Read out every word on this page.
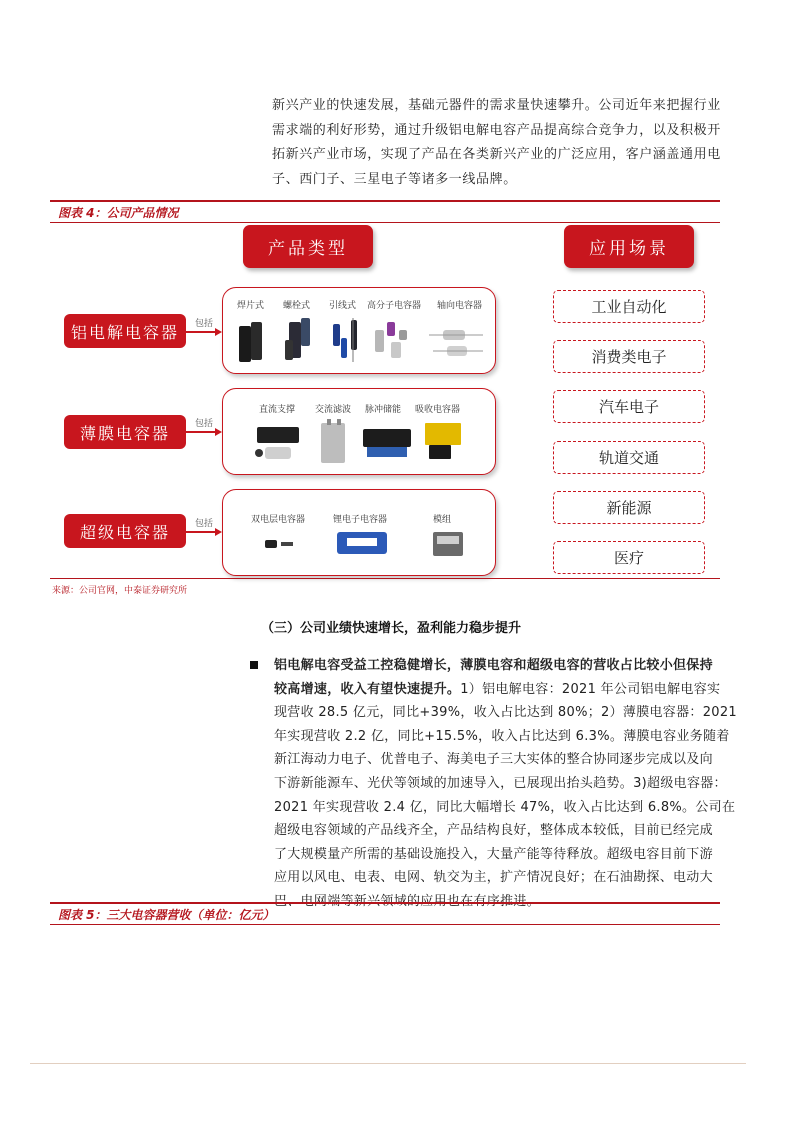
新兴产业的快速发展，基础元器件的需求量快速攀升。公司近年来把握行业
需求端的利好形势，通过升级铝电解电容产品提高综合竞争力，以及积极开
拓新兴产业市场，实现了产品在各类新兴产业的广泛应用，客户涵盖通用电
子、西门子、三星电子等诸多一线品牌。
图表 4：公司产品情况
产品类型	应用场景
铝电解电容器	包括
焊片式 螺栓式 引线式 高分子电容器 轴向电容器
薄膜电容器	包括
直流支撑 交流滤波 脉冲储能 吸收电容器
超级电容器	包括	双电层电容器	锂电子电容器	模组
工业自动化
消费类电子
汽车电子
轨道交通
新能源
医疗
来源：公司官网，中泰证券研究所
（三）公司业绩快速增长，盈利能力稳步提升
铝电解电容受益工控稳健增长，薄膜电容和超级电容的营收占比较小但保持
较高增速，收入有望快速提升。1）铝电解电容：2021 年公司铝电解电容实
现营收 28.5 亿元，同比+39%，收入占比达到 80%；2）薄膜电容器：2021
年实现营收 2.2 亿，同比+15.5%，收入占比达到 6.3%。薄膜电容业务随着
新江海动力电子、优普电子、海美电子三大实体的整合协同逐步完成以及向
下游新能源车、光伏等领域的加速导入，已展现出抬头趋势。3)超级电容器：
2021 年实现营收 2.4 亿，同比大幅增长 47%，收入占比达到 6.8%。公司在
超级电容领域的产品线齐全，产品结构良好，整体成本较低，目前已经完成
了大规模量产所需的基础设施投入，大量产能等待释放。超级电容目前下游
应用以风电、电表、电网、轨交为主，扩产情况良好；在石油勘探、电动大
巴、电网端等新兴领域的应用也在有序推进。
图表 5：三大电容器营收（单位：亿元）
